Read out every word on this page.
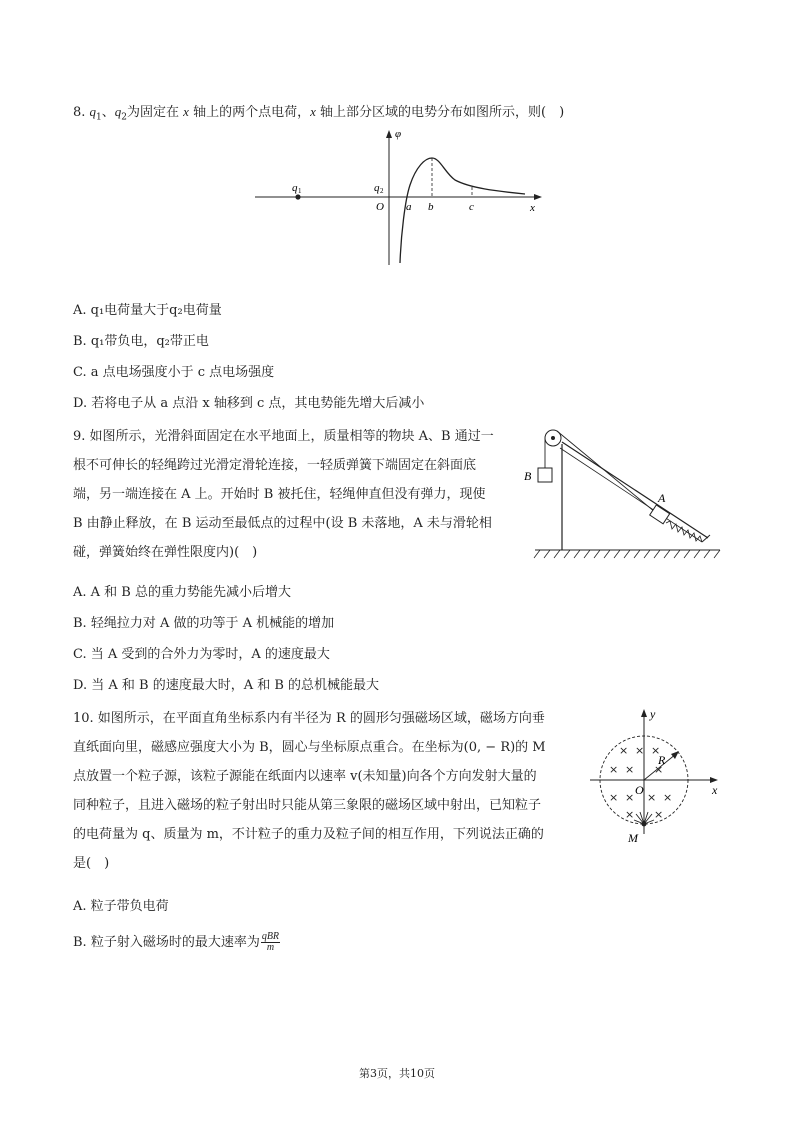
8. $q_1$、$q_2$为固定在 x 轴上的两个点电荷，x 轴上部分区域的电势分布如图所示，则(　)
φ
q 1	q 2
O a b	c	x
A. q₁电荷量大于q₂电荷量
B. q₁带负电，q₂带正电
C. a 点电场强度小于 c 点电场强度
D. 若将电子从 a 点沿 x 轴移到 c 点，其电势能先增大后减小
9. 如图所示，光滑斜面固定在水平地面上，质量相等的物块 A、B 通过一
根不可伸长的轻绳跨过光滑定滑轮连接，一轻质弹簧下端固定在斜面底
端，另一端连接在 A 上。开始时 B 被托住，轻绳伸直但没有弹力，现使
B 由静止释放，在 B 运动至最低点的过程中(设 B 未落地，A 未与滑轮相
碰，弹簧始终在弹性限度内)(　)
B
A
A. A 和 B 总的重力势能先减小后增大
B. 轻绳拉力对 A 做的功等于 A 机械能的增加
C. 当 A 受到的合外力为零时，A 的速度最大
D. 当 A 和 B 的速度最大时，A 和 B 的总机械能最大
10. 如图所示，在平面直角坐标系内有半径为 R 的圆形匀强磁场区域，磁场方向垂
直纸面向里，磁感应强度大小为 B，圆心与坐标原点重合。在坐标为(0, − R)的 M
点放置一个粒子源，该粒子源能在纸面内以速率 v(未知量)向各个方向发射大量的
同种粒子，且进入磁场的粒子射出时只能从第三象限的磁场区域中射出，已知粒子
的电荷量为 q、质量为 m，不计粒子的重力及粒子间的相互作用，下列说法正确的
是(　)
y
x
O
R
× × ×
× × ×
× × × ×
× ×
M
A. 粒子带负电荷
B. 粒子射入磁场时的最大速率为 $\frac{\text{qBR}}{m}$
第3页，共10页
